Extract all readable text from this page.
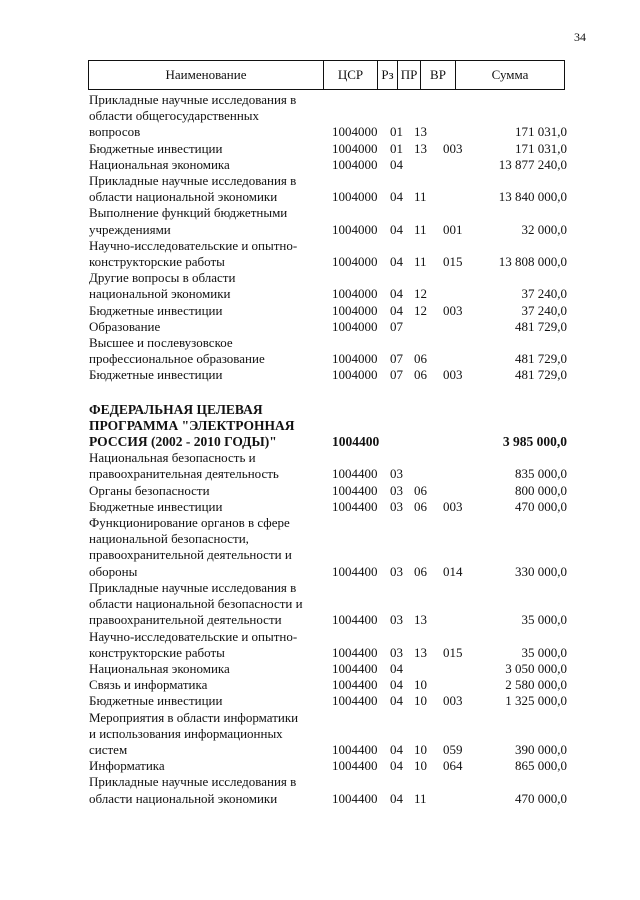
34
Наименование	ЦСР	Рз ПР ВР	Сумма
Прикладные научные исследования в
области общегосударственных
вопросов	1004000 01 13	171 031,0
Бюджетные инвестиции	1004000 01 13	003	171 031,0
Национальная экономика	1004000 04	13 877 240,0
Прикладные научные исследования в
области национальной экономики	1004000 04 11	13 840 000,0
Выполнение функций бюджетными
учреждениями	1004000 04 11	001	32 000,0
Научно-исследовательские и опытно-
конструкторские работы	1004000 04 11	015	13 808 000,0
Другие вопросы в области
национальной экономики	1004000 04 12	37 240,0
Бюджетные инвестиции	1004000 04 12	003	37 240,0
Образование	1004000 07	481 729,0
Высшее и послевузовское
профессиональное образование	1004000 07 06	481 729,0
Бюджетные инвестиции	1004000 07 06	003	481 729,0
ФЕДЕРАЛЬНАЯ ЦЕЛЕВАЯ
ПРОГРАММА "ЭЛЕКТРОННАЯ
РОССИЯ (2002 - 2010 ГОДЫ)"	1004400	3 985 000,0
Национальная безопасность и
правоохранительная деятельность	1004400 03	835 000,0
Органы безопасности	1004400 03 06	800 000,0
Бюджетные инвестиции	1004400 03 06	003	470 000,0
Функционирование органов в сфере
национальной безопасности,
правоохранительной деятельности и
обороны	1004400 03 06	014	330 000,0
Прикладные научные исследования в
области национальной безопасности и
правоохранительной деятельности	1004400 03 13	35 000,0
Научно-исследовательские и опытно-
конструкторские работы	1004400 03 13	015	35 000,0
Национальная экономика	1004400 04	3 050 000,0
Связь и информатика	1004400 04 10	2 580 000,0
Бюджетные инвестиции	1004400 04 10	003	1 325 000,0
Мероприятия в области информатики
и использования информационных
систем	1004400 04 10	059	390 000,0
Информатика	1004400 04 10	064	865 000,0
Прикладные научные исследования в
области национальной экономики	1004400 04 11	470 000,0
